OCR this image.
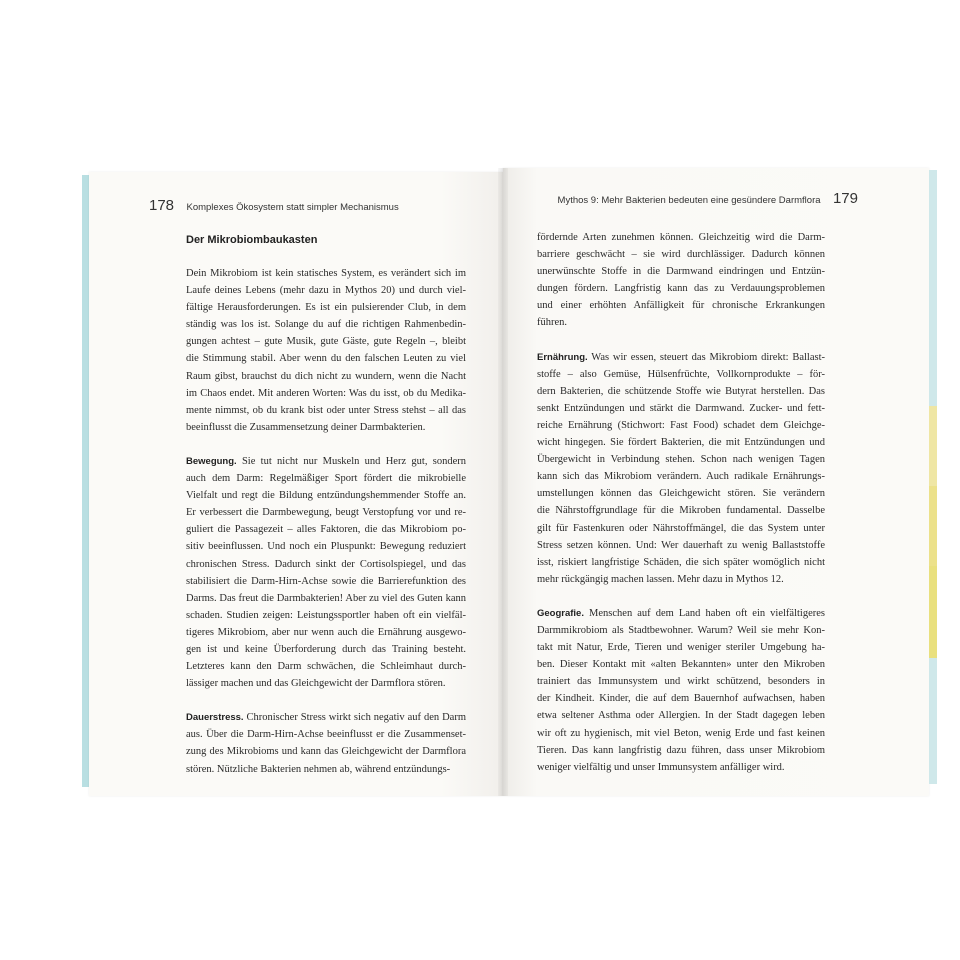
178 Komplexes Ökosystem statt simpler Mechanismus
Mythos 9: Mehr Bakterien bedeuten eine gesündere Darmflora 179
Der Mikrobiombaukasten
Dein Mikrobiom ist kein statisches System, es verändert sich im
Laufe deines Lebens (mehr dazu in Mythos 20) und durch viel-
fältige Herausforderungen. Es ist ein pulsierender Club, in dem
ständig was los ist. Solange du auf die richtigen Rahmenbedin-
gungen achtest – gute Musik, gute Gäste, gute Regeln –, bleibt
die Stimmung stabil. Aber wenn du den falschen Leuten zu viel
Raum gibst, brauchst du dich nicht zu wundern, wenn die Nacht
im Chaos endet. Mit anderen Worten: Was du isst, ob du Medika-
mente nimmst, ob du krank bist oder unter Stress stehst – all das
beeinflusst die Zusammensetzung deiner Darmbakterien.
Bewegung. Sie tut nicht nur Muskeln und Herz gut, sondern
auch dem Darm: Regelmäßiger Sport fördert die mikrobielle
Vielfalt und regt die Bildung entzündungshemmender Stoffe an.
Er verbessert die Darmbewegung, beugt Verstopfung vor und re-
guliert die Passagezeit – alles Faktoren, die das Mikrobiom po-
sitiv beeinflussen. Und noch ein Pluspunkt: Bewegung reduziert
chronischen Stress. Dadurch sinkt der Cortisolspiegel, und das
stabilisiert die Darm-Hirn-Achse sowie die Barrierefunktion des
Darms. Das freut die Darmbakterien! Aber zu viel des Guten kann
schaden. Studien zeigen: Leistungssportler haben oft ein vielfäl-
tigeres Mikrobiom, aber nur wenn auch die Ernährung ausgewo-
gen ist und keine Überforderung durch das Training besteht.
Letzteres kann den Darm schwächen, die Schleimhaut durch-
lässiger machen und das Gleichgewicht der Darmflora stören.
Dauerstress. Chronischer Stress wirkt sich negativ auf den Darm
aus. Über die Darm-Hirn-Achse beeinflusst er die Zusammenset-
zung des Mikrobioms und kann das Gleichgewicht der Darmflora
stören. Nützliche Bakterien nehmen ab, während entzündungs-
fördernde Arten zunehmen können. Gleichzeitig wird die Darm-
barriere geschwächt – sie wird durchlässiger. Dadurch können
unerwünschte Stoffe in die Darmwand eindringen und Entzün-
dungen fördern. Langfristig kann das zu Verdauungsproblemen
und einer erhöhten Anfälligkeit für chronische Erkrankungen
führen.
Ernährung. Was wir essen, steuert das Mikrobiom direkt: Ballast-
stoffe – also Gemüse, Hülsenfrüchte, Vollkornprodukte – för-
dern Bakterien, die schützende Stoffe wie Butyrat herstellen. Das
senkt Entzündungen und stärkt die Darmwand. Zucker- und fett-
reiche Ernährung (Stichwort: Fast Food) schadet dem Gleichge-
wicht hingegen. Sie fördert Bakterien, die mit Entzündungen und
Übergewicht in Verbindung stehen. Schon nach wenigen Tagen
kann sich das Mikrobiom verändern. Auch radikale Ernährungs-
umstellungen können das Gleichgewicht stören. Sie verändern
die Nährstoffgrundlage für die Mikroben fundamental. Dasselbe
gilt für Fastenkuren oder Nährstoffmängel, die das System unter
Stress setzen können. Und: Wer dauerhaft zu wenig Ballaststoffe
isst, riskiert langfristige Schäden, die sich später womöglich nicht
mehr rückgängig machen lassen. Mehr dazu in Mythos 12.
Geografie. Menschen auf dem Land haben oft ein vielfältigeres
Darmmikrobiom als Stadtbewohner. Warum? Weil sie mehr Kon-
takt mit Natur, Erde, Tieren und weniger steriler Umgebung ha-
ben. Dieser Kontakt mit «alten Bekannten» unter den Mikroben
trainiert das Immunsystem und wirkt schützend, besonders in
der Kindheit. Kinder, die auf dem Bauernhof aufwachsen, haben
etwa seltener Asthma oder Allergien. In der Stadt dagegen leben
wir oft zu hygienisch, mit viel Beton, wenig Erde und fast keinen
Tieren. Das kann langfristig dazu führen, dass unser Mikrobiom
weniger vielfältig und unser Immunsystem anfälliger wird.
